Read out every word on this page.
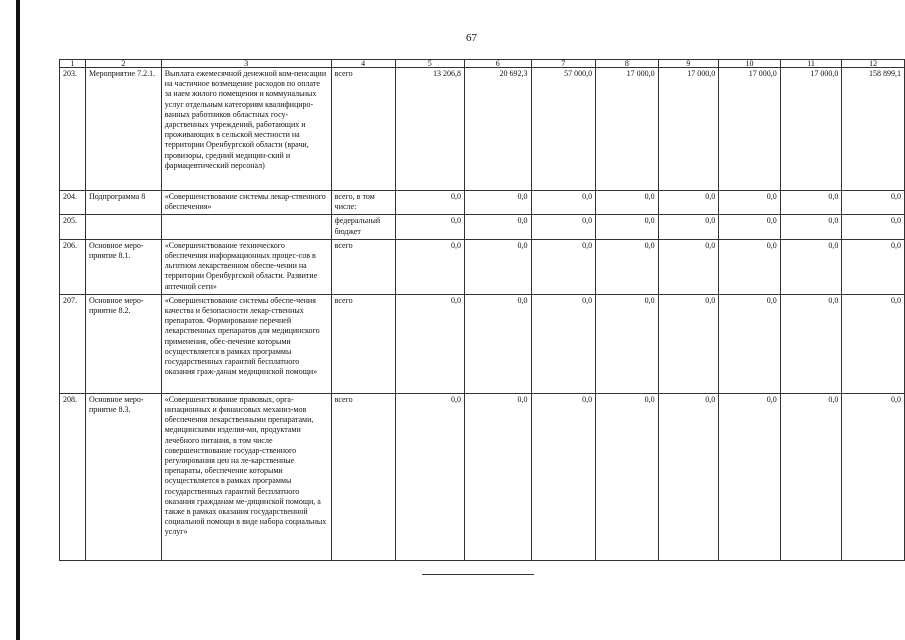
67
1	2	3	4	5	6	7	8	9	10	11	12
203.	Мероприятие 7.2.1.	Выплата ежемесячной денежной ком-пенсации на частичное возмещение расходов по оплате за наем жилого помещения и коммунальных услуг отдельным категориям квалифициро-ванных работников областных госу-дарственных учреждений, работающих и проживающих в сельской местности на территории Оренбургской области (врачи, провизоры, средний медицин-ский и фармацевтический персонал)	всего	13 206,8	20 692,3	57 000,0	17 000,0	17 000,0	17 000,0	17 000,0	158 899,1
204.	Подпрограмма 8	«Совершенствование системы лекар-ственного обеспечения»	всего, в том числе:	0,0	0,0	0,0	0,0	0,0	0,0	0,0	0,0
205.			федеральный бюджет	0,0	0,0	0,0	0,0	0,0	0,0	0,0	0,0
206.	Основное меро-приятие 8.1.	«Совершенствование технического обеспечения информационных процес-сов в льготном лекарственном обеспе-чении на территории Оренбургской области. Развитие аптечной сети»	всего	0,0	0,0	0,0	0,0	0,0	0,0	0,0	0,0
207.	Основное меро-приятие 8.2.	«Совершенствование системы обеспе-чения качества и безопасности лекар-ственных препаратов. Формирование перечней лекарственных препаратов для медицинского применения, обес-печение которыми осуществляется в рамках программы государственных гарантий бесплатного оказания граж-данам медицинской помощи»	всего	0,0	0,0	0,0	0,0	0,0	0,0	0,0	0,0
208.	Основное меро-приятие 8.3.	«Совершенствование правовых, орга-низационных и финансовых механиз-мов обеспечения лекарственными препаратами, медицинскими изделия-ми, продуктами лечебного питания, в том числе совершенствование государ-ственного регулирования цен на ле-карственные препараты, обеспечение которыми осуществляется в рамках программы государственных гарантий бесплатного оказания гражданам ме-дицинской помощи, а также в рамках оказания государственной социальной помощи в виде набора социальных услуг»	всего	0,0	0,0	0,0	0,0	0,0	0,0	0,0	0,0
